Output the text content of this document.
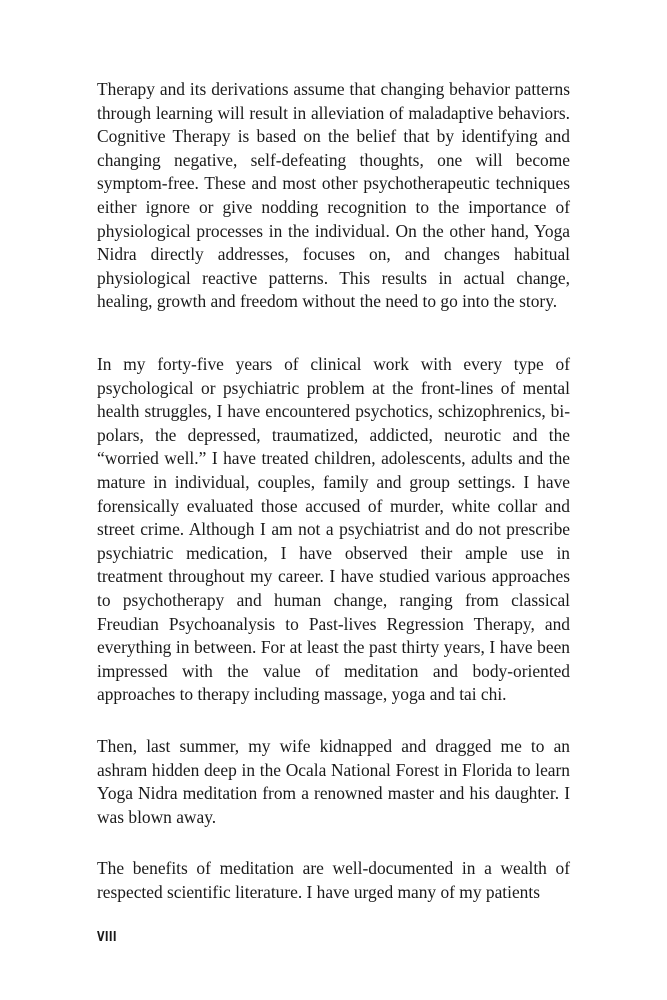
Therapy and its derivations assume that changing behavior patterns through learning will result in alleviation of maladaptive behaviors. Cognitive Therapy is based on the belief that by identifying and changing negative, self-defeating thoughts, one will become symptom-free. These and most other psychotherapeutic techniques either ignore or give nodding recognition to the importance of physiological processes in the individual. On the other hand, Yoga Nidra directly addresses, focuses on, and changes habitual physiological reactive patterns. This results in actual change, healing, growth and freedom without the need to go into the story.

In my forty-five years of clinical work with every type of psychological or psychiatric problem at the front-lines of mental health struggles, I have encountered psychotics, schizophrenics, bi-polars, the depressed, traumatized, addicted, neurotic and the “worried well.” I have treated children, adolescents, adults and the mature in individual, couples, family and group settings. I have forensically evaluated those accused of murder, white collar and street crime. Although I am not a psychiatrist and do not prescribe psychiatric medication, I have observed their ample use in treatment throughout my career. I have studied various approaches to psychotherapy and human change, ranging from classical Freudian Psychoanalysis to Past-lives Regression Therapy, and everything in between. For at least the past thirty years, I have been impressed with the value of meditation and body-oriented approaches to therapy including massage, yoga and tai chi.

Then, last summer, my wife kidnapped and dragged me to an ashram hidden deep in the Ocala National Forest in Florida to learn Yoga Nidra meditation from a renowned master and his daughter. I was blown away.

The benefits of meditation are well-documented in a wealth of respected scientific literature. I have urged many of my patients

VIII
